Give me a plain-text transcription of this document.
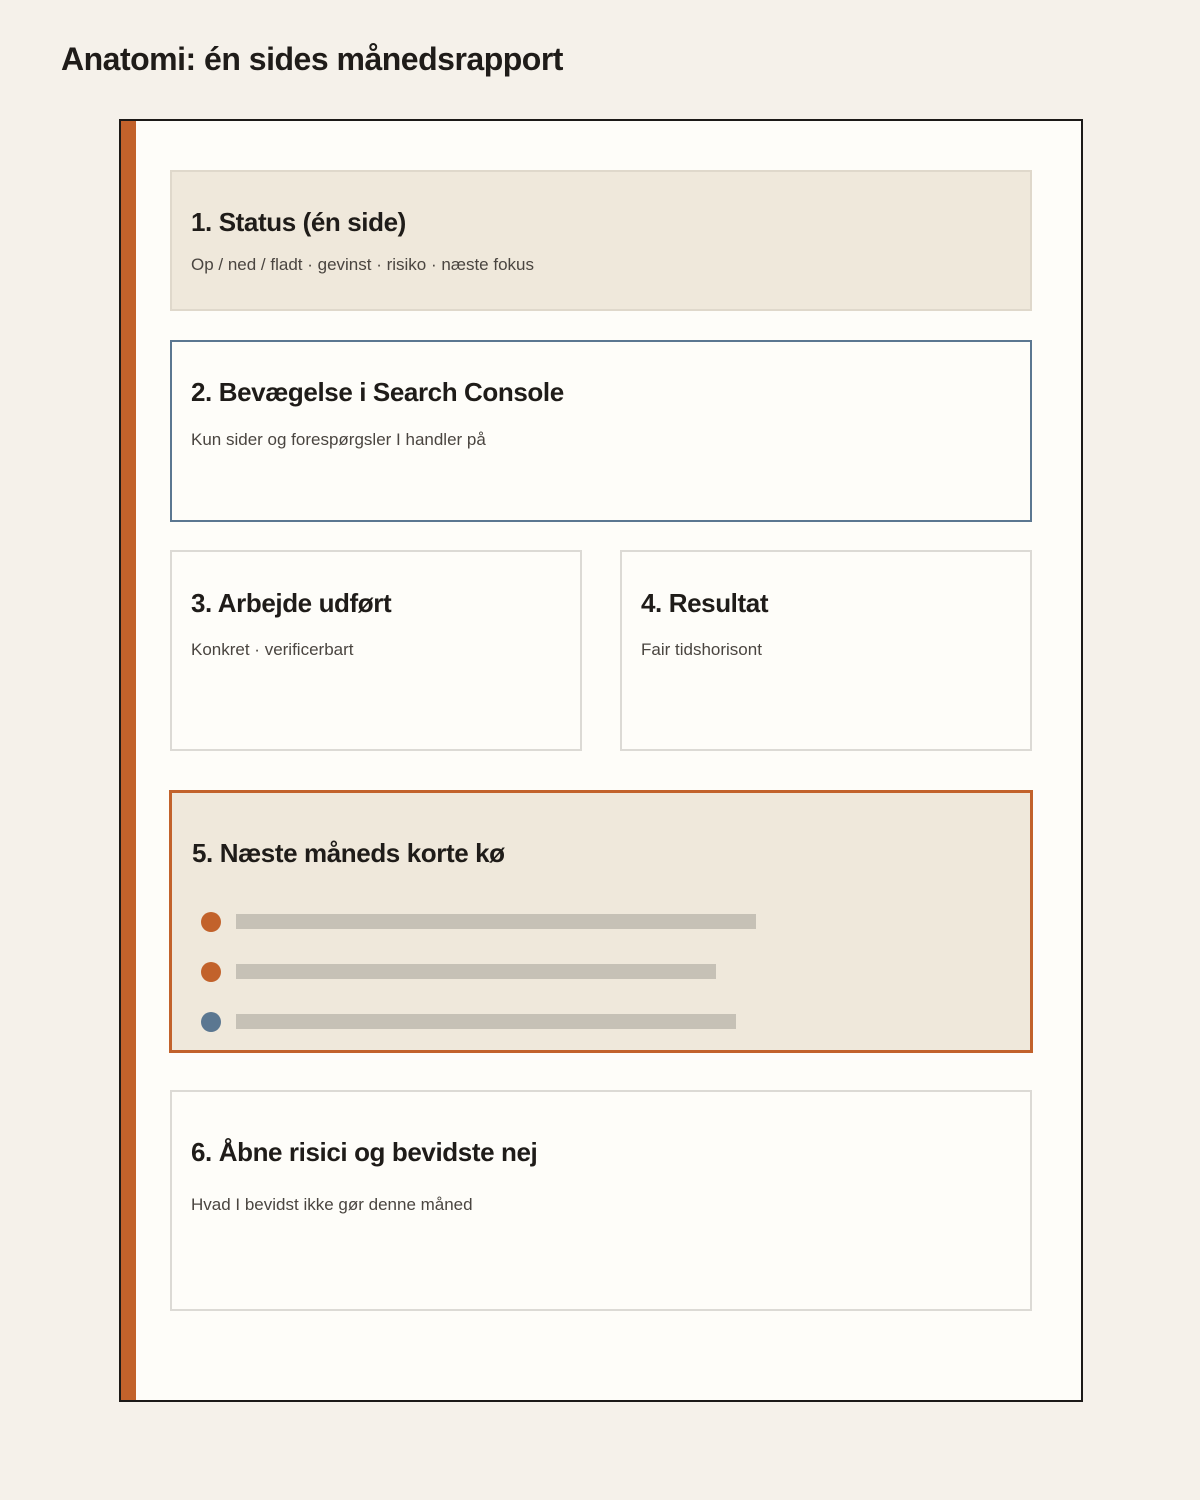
Anatomi: én sides månedsrapport
1. Status (én side)

Op / ned / fladt · gevinst · risiko · næste fokus

2. Bevægelse i Search Console

Kun sider og forespørgsler I handler på

3. Arbejde udført

Konkret · verificerbart

4. Resultat

Fair tidshorisont

5. Næste måneds korte kø
6. Åbne risici og bevidste nej

Hvad I bevidst ikke gør denne måned
